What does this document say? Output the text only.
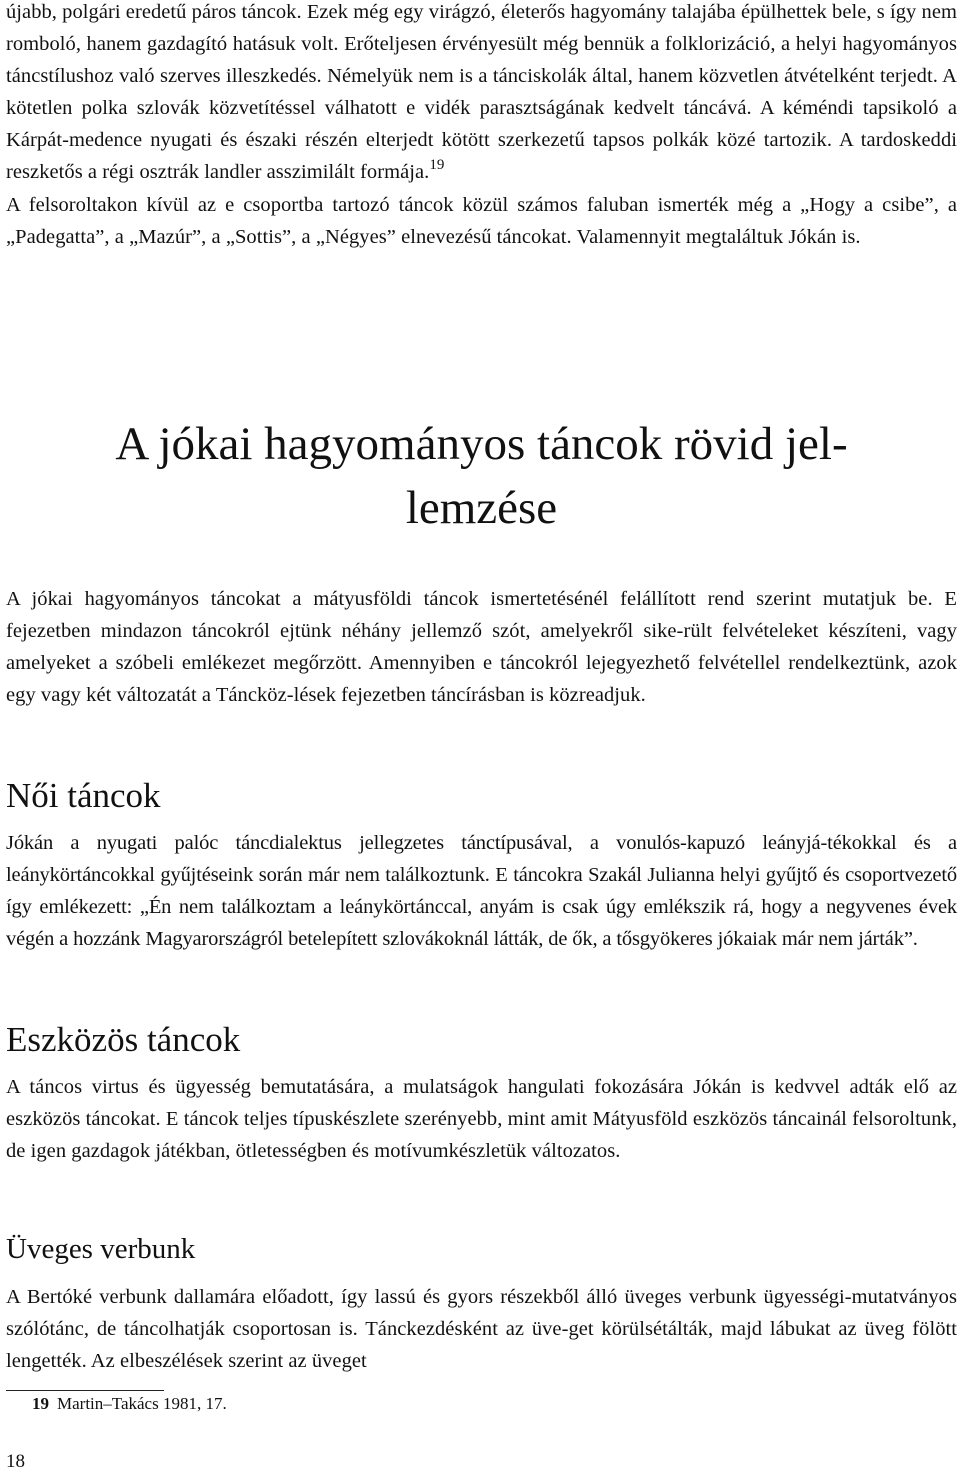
újabb, polgári eredetű páros táncok. Ezek még egy virágzó, életerős hagyomány talajába épülhettek bele, s így nem romboló, hanem gazdagító hatásuk volt. Erőteljesen érvényesült még bennük a folklorizáció, a helyi hagyományos táncstílushoz való szerves illeszkedés. Némelyük nem is a tánciskolák által, hanem közvetlen átvételként terjedt. A kötetlen polka szlovák közvetítéssel válhatott e vidék parasztságának kedvelt táncává. A kéméndi tapsikoló a Kárpát-medence nyugati és északi részén elterjedt kötött szerkezetű tapsos polkák közé tartozik. A tardoskeddi reszketős a régi osztrák landler asszimilált formája.$^{19}$
A felsoroltakon kívül az e csoportba tartozó táncok közül számos faluban ismerték még a „Hogy a csibe”, a „Padegatta”, a „Mazúr”, a „Sottis”, a „Négyes” elnevezésű táncokat. Valamennyit megtaláltuk Jókán is.

A jókai hagyományos táncok rövid jel-
lemzése

A jókai hagyományos táncokat a mátyusföldi táncok ismertetésénél felállított rend szerint mutatjuk be. E fejezetben mindazon táncokról ejtünk néhány jellemző szót, amelyekről sike-rült felvételeket készíteni, vagy amelyeket a szóbeli emlékezet megőrzött. Amennyiben e táncokról lejegyezhető felvétellel rendelkeztünk, azok egy vagy két változatát a Táncköz-lések fejezetben táncírásban is közreadjuk.

Női táncok

Jókán a nyugati palóc táncdialektus jellegzetes tánctípusával, a vonulós-kapuzó leányjá-tékokkal és a leánykörtáncokkal gyűjtéseink során már nem találkoztunk. E táncokra Szakál Julianna helyi gyűjtő és csoportvezető így emlékezett: „Én nem találkoztam a leánykörtánccal, anyám is csak úgy emlékszik rá, hogy a negyvenes évek végén a hozzánk Magyarországról betelepített szlovákoknál látták, de ők, a tősgyökeres jókaiak már nem járták”.

Eszközös táncok

A táncos virtus és ügyesség bemutatására, a mulatságok hangulati fokozására Jókán is kedvvel adták elő az eszközös táncokat. E táncok teljes típuskészlete szerényebb, mint amit Mátyusföld eszközös táncainál felsoroltunk, de igen gazdagok játékban, ötletességben és motívumkészletük változatos.

Üveges verbunk

A Bertóké verbunk dallamára előadott, így lassú és gyors részekből álló üveges verbunk ügyességi-mutatványos szólótánc, de táncolhatják csoportosan is. Tánckezdésként az üve-get körülsétálták, majd lábukat az üveg fölött lengették. Az elbeszélések szerint az üveget

19 Martin–Takács 1981, 17.

18
